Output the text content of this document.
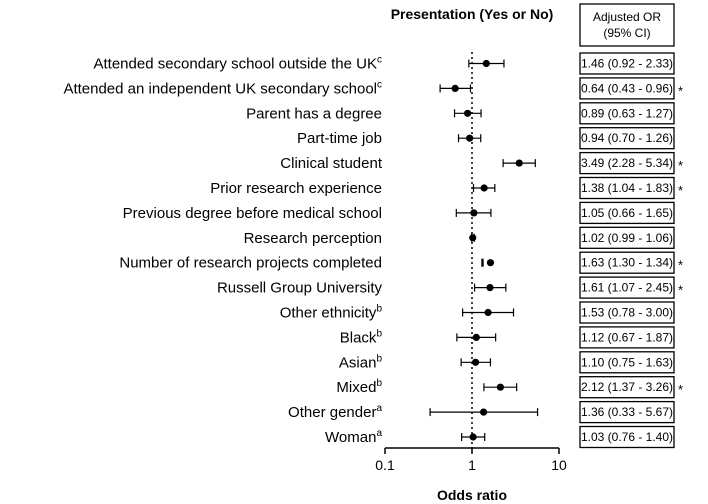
Presentation (Yes or No)
Odds ratio
Adjusted OR
(95% CI)
0.1	1	10
Attended secondary school outside the $UK^c$
Attended an independent UK secondary school$^c$
Parent has a degree
Part-time job
Clinical student
Prior research experience
Previous degree before medical school
Research perception
Number of research projects completed
Russell Group University
Other ethnicity$^b$
Black$^b$
Asian$^b$
Mixed$^b$
Other gender$^a$
Woman$^a$
1.46 (0.92 - 2.33)
0.64 (0.43 - 0.96) *
0.89 (0.63 - 1.27)
0.94 (0.70 - 1.26)
3.49 (2.28 - 5.34) *
1.38 (1.04 - 1.83) *
1.05 (0.66 - 1.65)
1.02 (0.99 - 1.06)
1.63 (1.30 - 1.34) *
1.61 (1.07 - 2.45) *
1.53 (0.78 - 3.00)
1.12 (0.67 - 1.87)
1.10 (0.75 - 1.63)
2.12 (1.37 - 3.26) *
1.36 (0.33 - 5.67)
1.03 (0.76 - 1.40)
